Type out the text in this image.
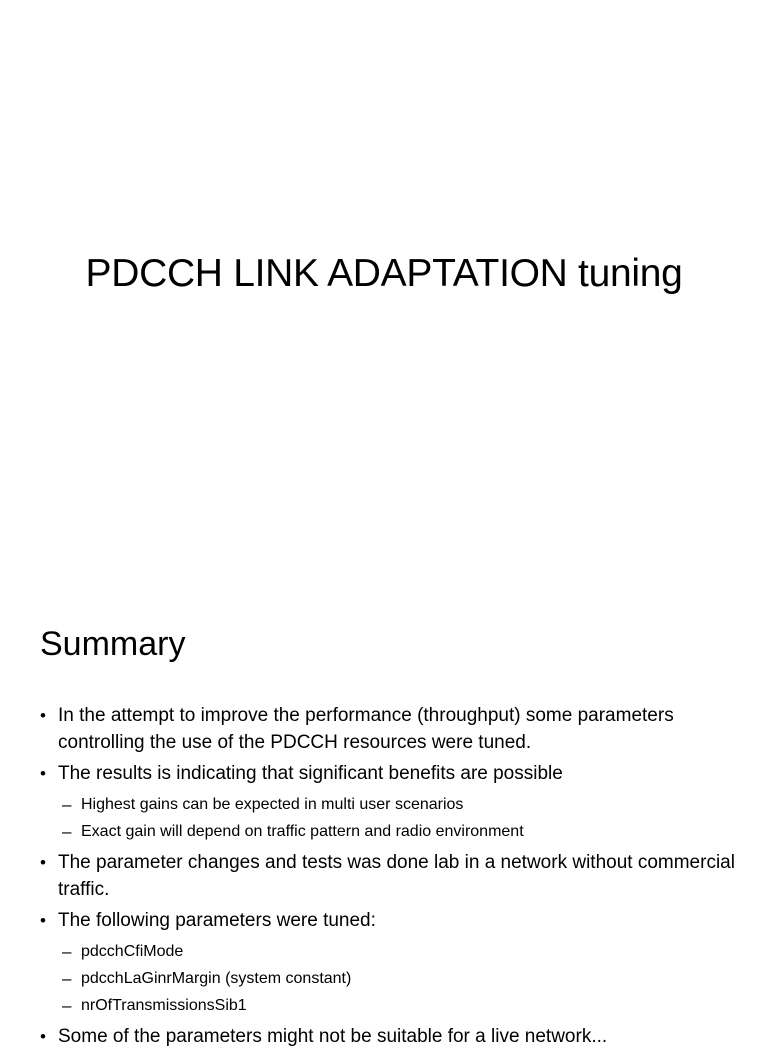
PDCCH LINK ADAPTATION tuning
Summary
• In the attempt to improve the performance (throughput) some parameters controlling the use of the PDCCH resources were tuned.
• The results is indicating that significant benefits are possible
– Highest gains can be expected in multi user scenarios
– Exact gain will depend on traffic pattern and radio environment
• The parameter changes and tests was done lab in a network without commercial traffic.
• The following parameters were tuned:
– pdcchCfiMode
– pdcchLaGinrMargin (system constant)
– nrOfTransmissionsSib1
• Some of the parameters might not be suitable for a live network...
